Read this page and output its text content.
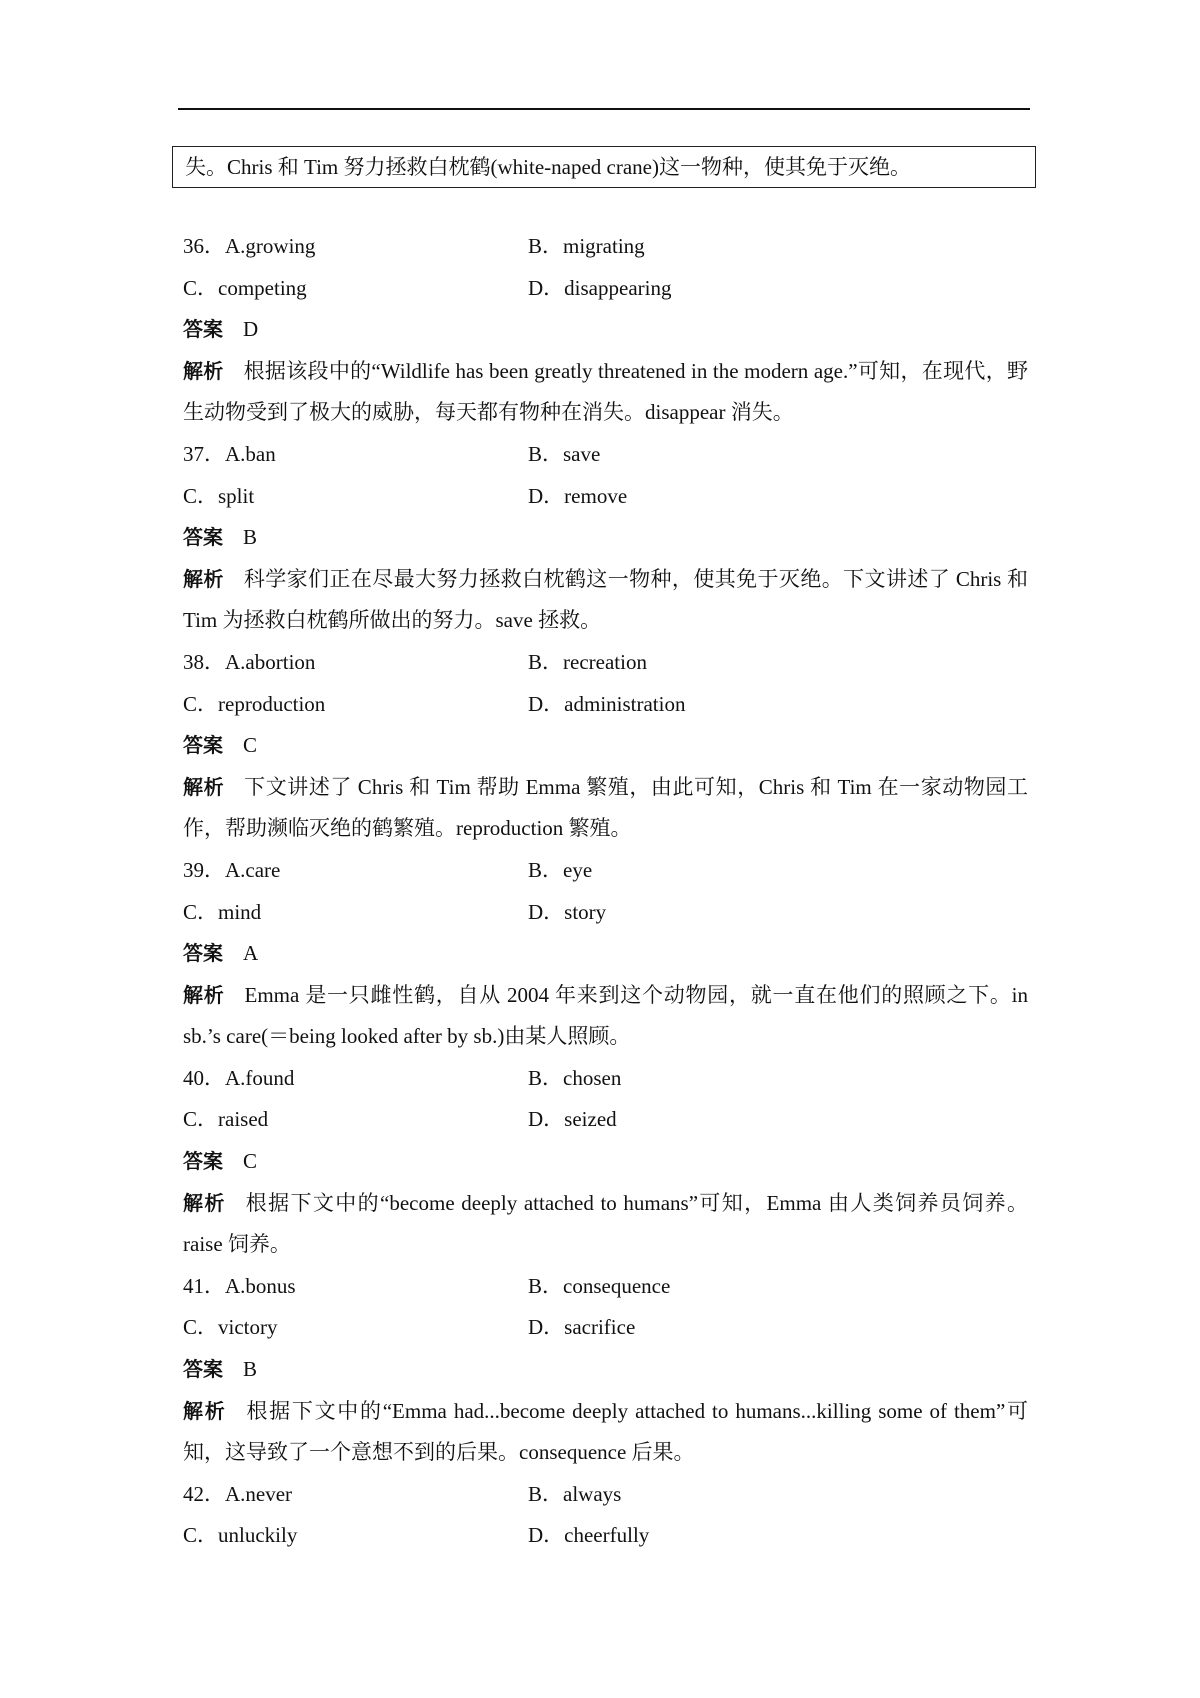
失。Chris 和 Tim 努力拯救白枕鹤(white-naped crane)这一物种，使其免于灭绝。
36．A.growing	B．migrating
C．competing	D．disappearing
答案 D
解析 根据该段中的“Wildlife has been greatly threatened in the modern age.”可知，在现代，野生动物受到了极大的威胁，每天都有物种在消失。disappear 消失。
37．A.ban	B．save
C．split	D．remove
答案 B
解析 科学家们正在尽最大努力拯救白枕鹤这一物种，使其免于灭绝。下文讲述了 Chris 和 Tim 为拯救白枕鹤所做出的努力。save 拯救。
38．A.abortion	B．recreation
C．reproduction	D．administration
答案 C
解析 下文讲述了 Chris 和 Tim 帮助 Emma 繁殖，由此可知，Chris 和 Tim 在一家动物园工作，帮助濒临灭绝的鹤繁殖。reproduction 繁殖。
39．A.care	B．eye
C．mind	D．story
答案 A
解析 Emma 是一只雌性鹤，自从 2004 年来到这个动物园，就一直在他们的照顾之下。in sb.’s care(＝being looked after by sb.)由某人照顾。
40．A.found	B．chosen
C．raised	D．seized
答案 C
解析 根据下文中的“become deeply attached to humans”可知，Emma 由人类饲养员饲养。raise 饲养。
41．A.bonus	B．consequence
C．victory	D．sacrifice
答案 B
解析 根据下文中的“Emma had...become deeply attached to humans...killing some of them”可知，这导致了一个意想不到的后果。consequence 后果。
42．A.never	B．always
C．unluckily	D．cheerfully
